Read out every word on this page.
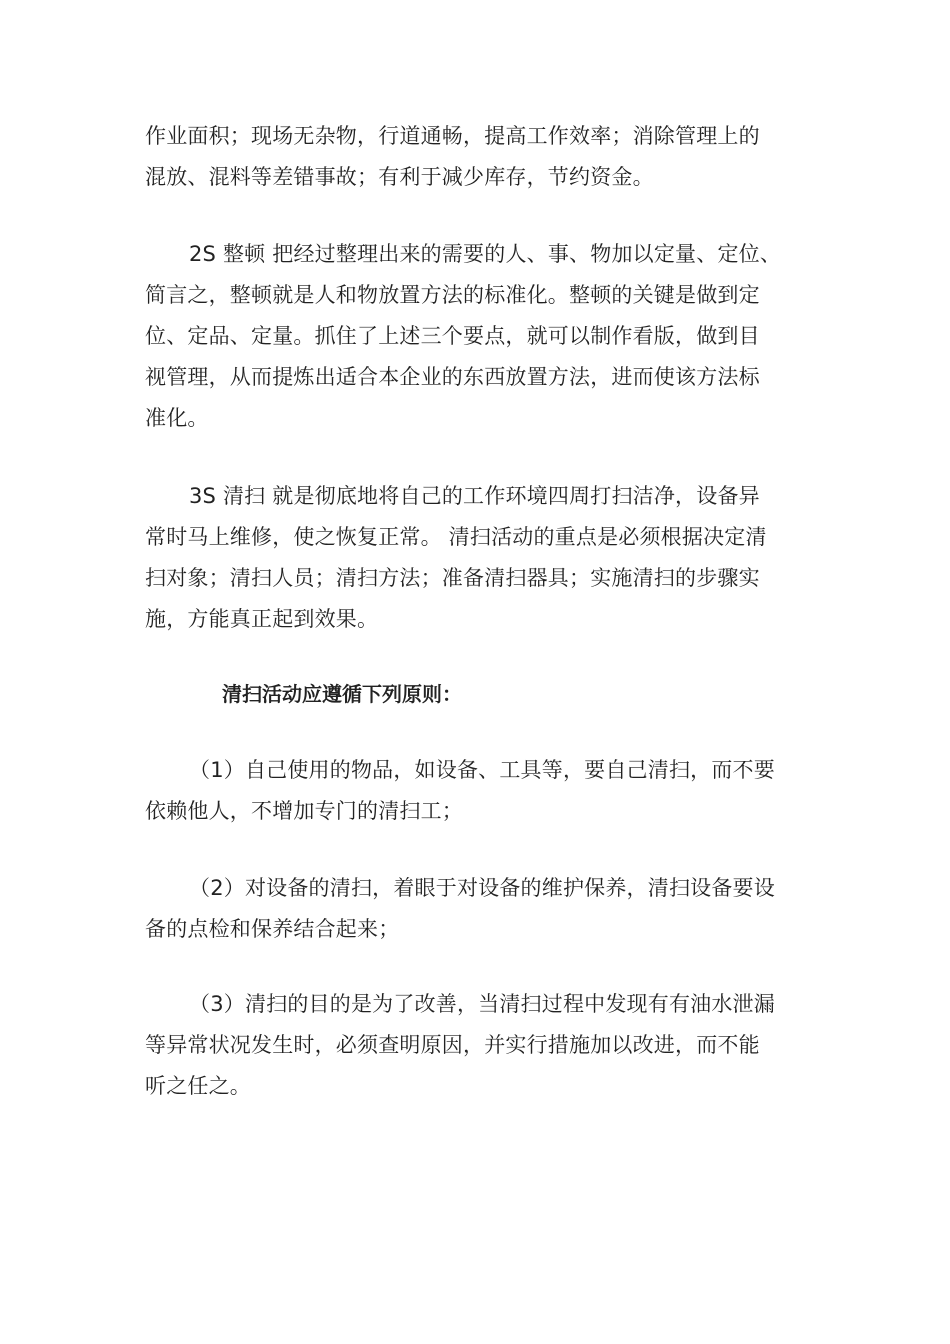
作业面积；现场无杂物，行道通畅，提高工作效率；消除管理上的
混放、混料等差错事故；有利于减少库存，节约资金。

2S 整顿 把经过整理出来的需要的人、事、物加以定量、定位、
简言之，整顿就是人和物放置方法的标准化。整顿的关键是做到定
位、定品、定量。抓住了上述三个要点，就可以制作看版，做到目
视管理，从而提炼出适合本企业的东西放置方法，进而使该方法标
准化。

3S 清扫 就是彻底地将自己的工作环境四周打扫洁净，设备异
常时马上维修，使之恢复正常。 清扫活动的重点是必须根据决定清
扫对象；清扫人员；清扫方法；准备清扫器具；实施清扫的步骤实
施，方能真正起到效果。

清扫活动应遵循下列原则：

（1）自己使用的物品，如设备、工具等，要自己清扫，而不要
依赖他人，不增加专门的清扫工；

（2）对设备的清扫，着眼于对设备的维护保养，清扫设备要设
备的点检和保养结合起来；

（3）清扫的目的是为了改善，当清扫过程中发现有有油水泄漏
等异常状况发生时，必须查明原因，并实行措施加以改进，而不能
听之任之。
